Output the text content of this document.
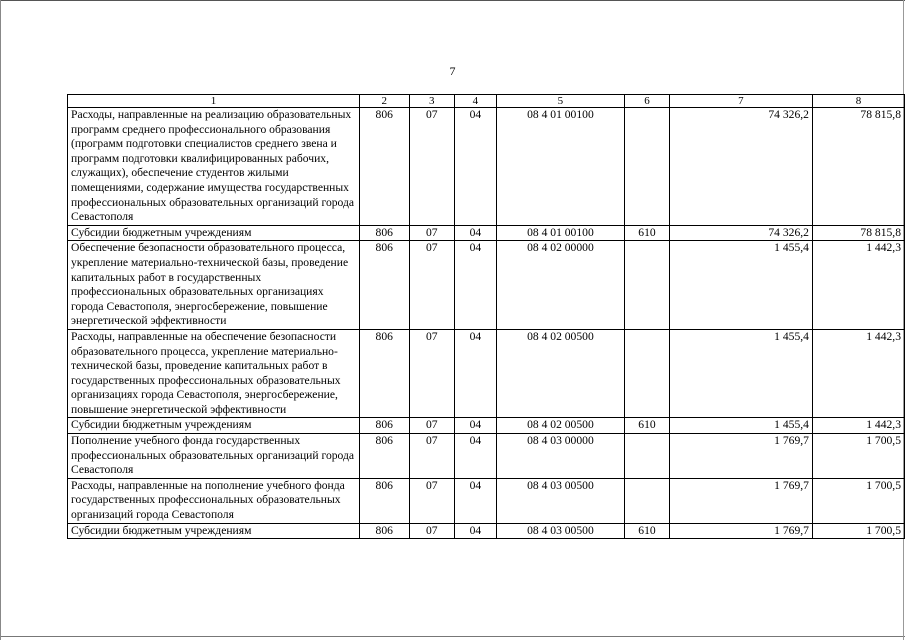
7
1	2	3	4	5	6	7	8
Расходы, направленные на реализацию образовательных программ среднего профессионального образования (программ подготовки специалистов среднего звена и программ подготовки квалифицированных рабочих, служащих), обеспечение студентов жилыми помещениями, содержание имущества государственных профессиональных образовательных организаций города Севастополя	806	07	04	08 4 01 00100		74 326,2	78 815,8
Субсидии бюджетным учреждениям	806	07	04	08 4 01 00100	610	74 326,2	78 815,8
Обеспечение безопасности образовательного процесса, укрепление материально-технической базы, проведение капитальных работ в государственных профессиональных образовательных организациях города Севастополя, энергосбережение, повышение энергетической эффективности	806	07	04	08 4 02 00000		1 455,4	1 442,3
Расходы, направленные на обеспечение безопасности образовательного процесса, укрепление материально-технической базы, проведение капитальных работ в государственных профессиональных образовательных организациях города Севастополя, энергосбережение, повышение энергетической эффективности	806	07	04	08 4 02 00500		1 455,4	1 442,3
Субсидии бюджетным учреждениям	806	07	04	08 4 02 00500	610	1 455,4	1 442,3
Пополнение учебного фонда государственных профессиональных образовательных организаций города Севастополя	806	07	04	08 4 03 00000		1 769,7	1 700,5
Расходы, направленные на пополнение учебного фонда государственных профессиональных образовательных организаций города Севастополя	806	07	04	08 4 03 00500		1 769,7	1 700,5
Субсидии бюджетным учреждениям	806	07	04	08 4 03 00500	610	1 769,7	1 700,5
